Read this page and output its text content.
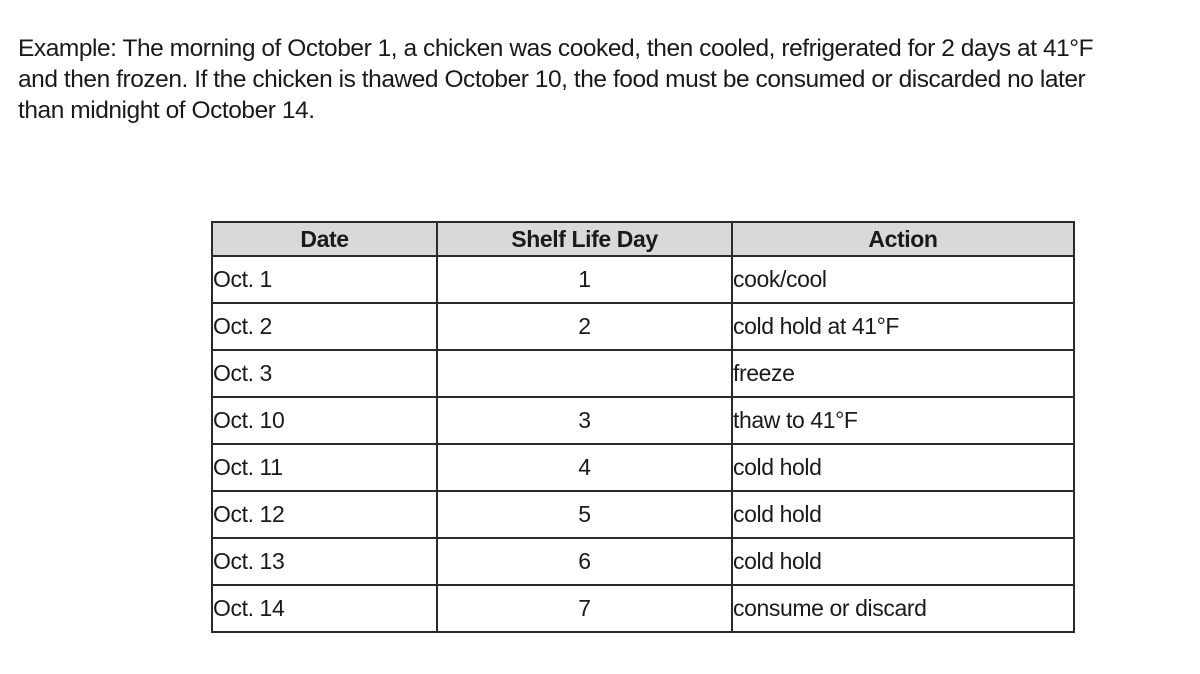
Example: The morning of October 1, a chicken was cooked, then cooled, refrigerated for 2 days at 41°F
and then frozen. If the chicken is thawed October 10, the food must be consumed or discarded no later
than midnight of October 14.

Date	Shelf Life Day	Action
Oct. 1	1	cook/cool
Oct. 2	2	cold hold at 41°F
Oct. 3		freeze
Oct. 10	3	thaw to 41°F
Oct. 11	4	cold hold
Oct. 12	5	cold hold
Oct. 13	6	cold hold
Oct. 14	7	consume or discard
